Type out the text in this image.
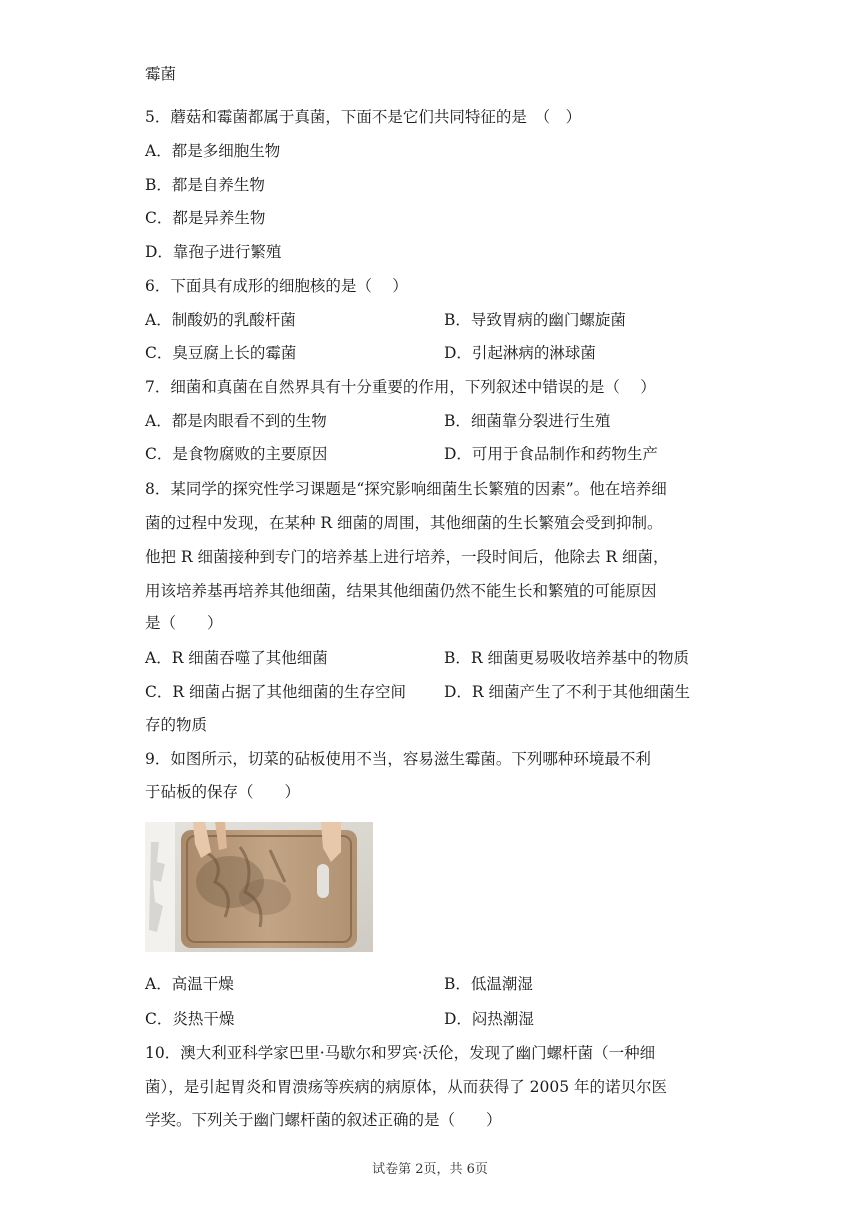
霉菌
5．蘑菇和霉菌都属于真菌，下面不是它们共同特征的是　（　）
A．都是多细胞生物
B．都是自养生物
C．都是异养生物
D．靠孢子进行繁殖
6．下面具有成形的细胞核的是（　 ）
A．制酸奶的乳酸杆菌	B．导致胃病的幽门螺旋菌
C．臭豆腐上长的霉菌	D．引起淋病的淋球菌
7．细菌和真菌在自然界具有十分重要的作用，下列叙述中错误的是（　 ）
A．都是肉眼看不到的生物	B．细菌靠分裂进行生殖
C．是食物腐败的主要原因	D．可用于食品制作和药物生产
8．某同学的探究性学习课题是“探究影响细菌生长繁殖的因素”。他在培养细
菌的过程中发现，在某种 R 细菌的周围，其他细菌的生长繁殖会受到抑制。
他把 R 细菌接种到专门的培养基上进行培养，一段时间后，他除去 R 细菌，
用该培养基再培养其他细菌，结果其他细菌仍然不能生长和繁殖的可能原因
是（　　）
A．R 细菌吞噬了其他细菌	B．R 细菌更易吸收培养基中的物质
C．R 细菌占据了其他细菌的生存空间 D．R 细菌产生了不利于其他细菌生
存的物质
9．如图所示，切菜的砧板使用不当，容易滋生霉菌。下列哪种环境最不利
于砧板的保存（　　）
A．高温干燥	B．低温潮湿
C．炎热干燥	D．闷热潮湿
10．澳大利亚科学家巴里·马歇尔和罗宾·沃伦，发现了幽门螺杆菌（一种细
菌），是引起胃炎和胃溃疡等疾病的病原体，从而获得了 2005 年的诺贝尔医
学奖。下列关于幽门螺杆菌的叙述正确的是（　　）
试卷第 2页，共 6页
